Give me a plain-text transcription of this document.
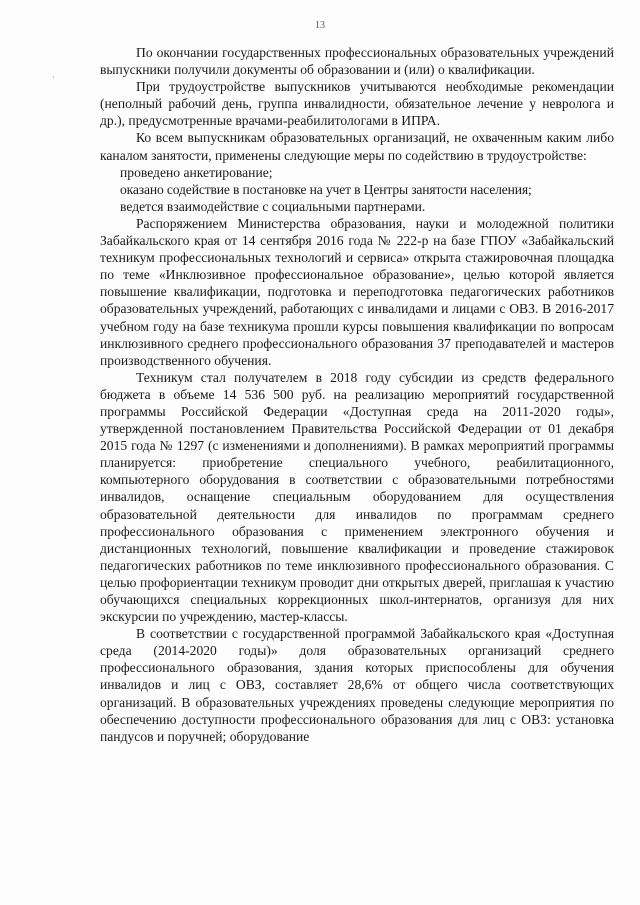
13
·

По окончании государственных профессиональных образовательных учреждений выпускники получили документы об образовании и (или) о квалификации.

При трудоустройстве выпускников учитываются необходимые рекомендации (неполный рабочий день, группа инвалидности, обязательное лечение у невролога и др.), предусмотренные врачами-реабилитологами в ИПРА.

Ко всем выпускникам образовательных организаций, не охваченным каким либо каналом занятости, применены следующие меры по содействию в трудоустройстве:

проведено анкетирование;

оказано содействие в постановке на учет в Центры занятости населения;

ведется взаимодействие с социальными партнерами.

Распоряжением Министерства образования, науки и молодежной политики Забайкальского края от 14 сентября 2016 года № 222-р на базе ГПОУ «Забайкальский техникум профессиональных технологий и сервиса» открыта стажировочная площадка по теме «Инклюзивное профессиональное образование», целью которой является повышение квалификации, подготовка и переподготовка педагогических работников образовательных учреждений, работающих с инвалидами и лицами с ОВЗ. В 2016-2017 учебном году на базе техникума прошли курсы повышения квалификации по вопросам инклюзивного среднего профессионального образования 37 преподавателей и мастеров производственного обучения.

Техникум стал получателем в 2018 году субсидии из средств федерального бюджета в объеме 14 536 500 руб. на реализацию мероприятий государственной программы Российской Федерации «Доступная среда на 2011-2020 годы», утвержденной постановлением Правительства Российской Федерации от 01 декабря 2015 года № 1297 (с изменениями и дополнениями). В рамках мероприятий программы планируется: приобретение специального учебного, реабилитационного, компьютерного оборудования в соответствии с образовательными потребностями инвалидов, оснащение специальным оборудованием для осуществления образовательной деятельности для инвалидов по программам среднего профессионального образования с применением электронного обучения и дистанционных технологий, повышение квалификации и проведение стажировок педагогических работников по теме инклюзивного профессионального образования. С целью профориентации техникум проводит дни открытых дверей, приглашая к участию обучающихся специальных коррекционных школ-интернатов, организуя для них экскурсии по учреждению, мастер-классы.

В соответствии с государственной программой Забайкальского края «Доступная среда (2014-2020 годы)» доля образовательных организаций среднего профессионального образования, здания которых приспособлены для обучения инвалидов и лиц с ОВЗ, составляет 28,6% от общего числа соответствующих организаций. В образовательных учреждениях проведены следующие мероприятия по обеспечению доступности профессионального образования для лиц с ОВЗ: установка пандусов и поручней; оборудование
